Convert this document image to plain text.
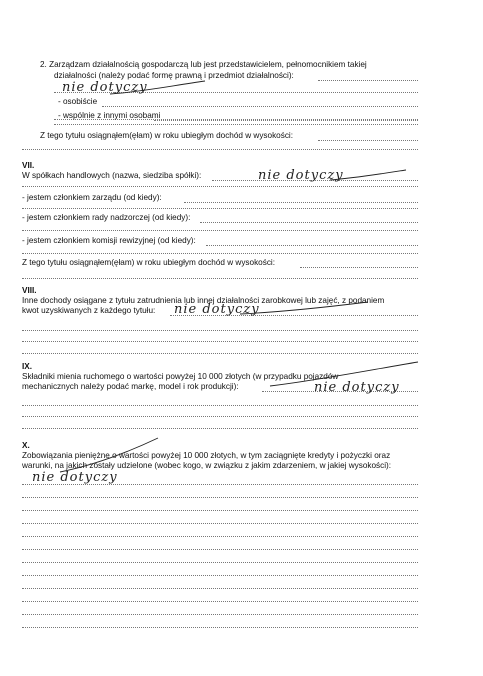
2. Zarządzam działalnością gospodarczą lub jest przedstawicielem, pełnomocnikiem takiej
działalności (należy podać formę prawną i przedmiot działalności):
nie dotyczy
- osobiście
- wspólnie z innymi osobami
Z tego tytułu osiągnąłem(ęłam) w roku ubiegłym dochód w wysokości:
VII.
W spółkach handlowych (nazwa, siedziba spółki):	nie dotyczy
- jestem członkiem zarządu (od kiedy):
- jestem członkiem rady nadzorczej (od kiedy):
- jestem członkiem komisji rewizyjnej (od kiedy):
Z tego tytułu osiągnąłem(ęłam) w roku ubiegłym dochód w wysokości:
VIII.
Inne dochody osiągane z tytułu zatrudnienia lub innej działalności zarobkowej lub zajęć, z podaniem
kwot uzyskiwanych z każdego tytułu: nie dotyczy
IX.
Składniki mienia ruchomego o wartości powyżej 10 000 złotych (w przypadku pojazdów
mechanicznych należy podać markę, model i rok produkcji):	nie dotyczy
X.
Zobowiązania pieniężne o wartości powyżej 10 000 złotych, w tym zaciągnięte kredyty i pożyczki oraz
warunki, na jakich zostały udzielone (wobec kogo, w związku z jakim zdarzeniem, w jakiej wysokości):
nie dotyczy
